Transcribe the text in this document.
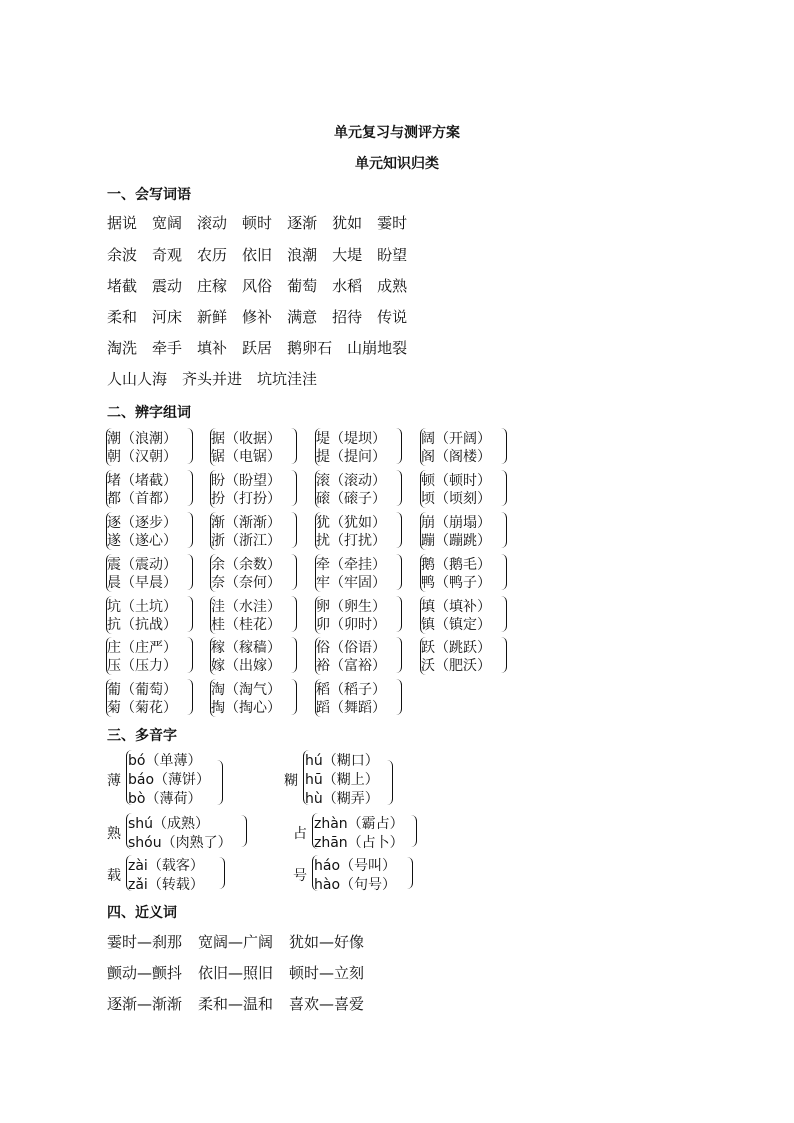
单元复习与测评方案
单元知识归类
一、会写词语
据说 宽阔 滚动 顿时 逐渐 犹如 霎时
余波 奇观 农历 依旧 浪潮 大堤 盼望
堵截 震动 庄稼 风俗 葡萄 水稻 成熟
柔和 河床 新鲜 修补 满意 招待 传说
淘洗 牵手 填补 跃居 鹅卵石 山崩地裂
人山人海 齐头并进 坑坑洼洼
二、辨字组词
潮（浪潮）
朝（汉朝）
据（收据）
锯（电锯）
堤（堤坝）
提（提问）
阔（开阔）
阁（阁楼）
堵（堵截）
都（首都）
盼（盼望）
扮（打扮）
滚（滚动）
磙（磙子）
顿（顿时）
顷（顷刻）
逐（逐步）
遂（遂心）
渐（渐渐）
浙（浙江）
犹（犹如）
扰（打扰）
崩（崩塌）
蹦（蹦跳）
震（震动）
晨（早晨）
余（余数）
奈（奈何）
牵（牵挂）
牢（牢固）
鹅（鹅毛）
鸭（鸭子）
坑（土坑）
抗（抗战）
洼（水洼）
桂（桂花）
卵（卵生）
卯（卯时）
填（填补）
镇（镇定）
庄（庄严）
压（压力）
稼（稼穑）
嫁（出嫁）
俗（俗语）
裕（富裕）
跃（跳跃）
沃（肥沃）
葡（葡萄）
菊（菊花）
淘（淘气）
掏（掏心）
稻（稻子）
蹈（舞蹈）
三、多音字
薄
bó（单薄）
báo（薄饼）
bò（薄荷）
糊
hú（糊口）
hū（糊上）
hù（糊弄）
熟
shú（成熟）
shóu（肉熟了）
占
zhàn（霸占）
zhān（占卜）
载
zài（载客）
zǎi（转载）
号
háo（号叫）
hào（句号）
四、近义词
霎时—刹那 宽阔—广阔 犹如—好像
颤动—颤抖 依旧—照旧 顿时—立刻
逐渐—渐渐 柔和—温和 喜欢—喜爱
